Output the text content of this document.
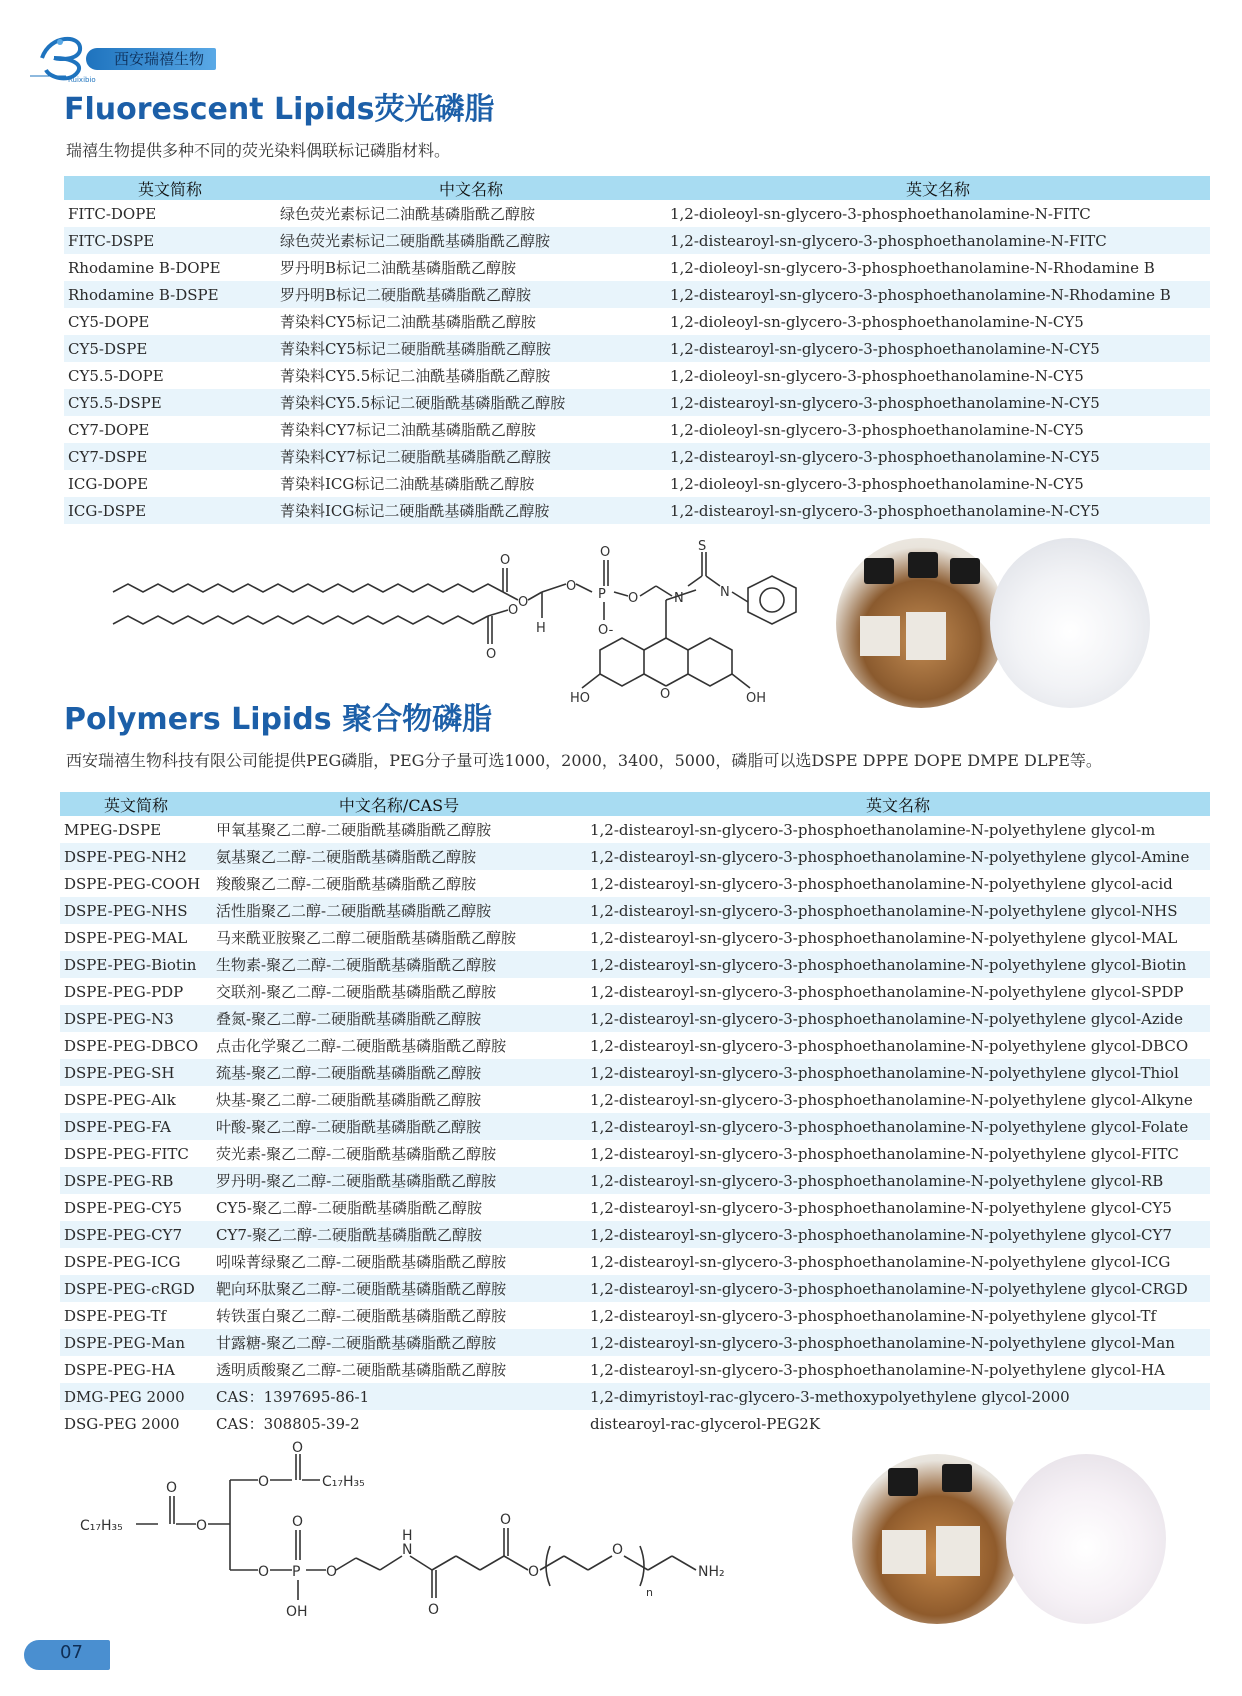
Ruixibio
西安瑞禧生物
Fluorescent Lipids荧光磷脂
瑞禧生物提供多种不同的荧光染料偶联标记磷脂材料。
英文简称	中文名称	英文名称
FITC-DOPE	绿色荧光素标记二油酰基磷脂酰乙醇胺	1,2-dioleoyl-sn-glycero-3-phosphoethanolamine-N-FITC
FITC-DSPE	绿色荧光素标记二硬脂酰基磷脂酰乙醇胺	1,2-distearoyl-sn-glycero-3-phosphoethanolamine-N-FITC
Rhodamine B-DOPE	罗丹明B标记二油酰基磷脂酰乙醇胺	1,2-dioleoyl-sn-glycero-3-phosphoethanolamine-N-Rhodamine B
Rhodamine B-DSPE	罗丹明B标记二硬脂酰基磷脂酰乙醇胺	1,2-distearoyl-sn-glycero-3-phosphoethanolamine-N-Rhodamine B
CY5-DOPE	菁染料CY5标记二油酰基磷脂酰乙醇胺	1,2-dioleoyl-sn-glycero-3-phosphoethanolamine-N-CY5
CY5-DSPE	菁染料CY5标记二硬脂酰基磷脂酰乙醇胺	1,2-distearoyl-sn-glycero-3-phosphoethanolamine-N-CY5
CY5.5-DOPE	菁染料CY5.5标记二油酰基磷脂酰乙醇胺	1,2-dioleoyl-sn-glycero-3-phosphoethanolamine-N-CY5
CY5.5-DSPE	菁染料CY5.5标记二硬脂酰基磷脂酰乙醇胺	1,2-distearoyl-sn-glycero-3-phosphoethanolamine-N-CY5
CY7-DOPE	菁染料CY7标记二油酰基磷脂酰乙醇胺	1,2-dioleoyl-sn-glycero-3-phosphoethanolamine-N-CY5
CY7-DSPE	菁染料CY7标记二硬脂酰基磷脂酰乙醇胺	1,2-distearoyl-sn-glycero-3-phosphoethanolamine-N-CY5
ICG-DOPE	菁染料ICG标记二油酰基磷脂酰乙醇胺	1,2-dioleoyl-sn-glycero-3-phosphoethanolamine-N-CY5
ICG-DSPE	菁染料ICG标记二硬脂酰基磷脂酰乙醇胺	1,2-distearoyl-sn-glycero-3-phosphoethanolamine-N-CY5
O
O
H
O
O
O
O
P
O-
O	N
S
N
HO	OH
O
Polymers Lipids 聚合物磷脂
西安瑞禧生物科技有限公司能提供PEG磷脂，PEG分子量可选1000，2000，3400，5000，磷脂可以选DSPE DPPE DOPE DMPE DLPE等。
英文简称	中文名称/CAS号	英文名称
MPEG-DSPE	甲氧基聚乙二醇-二硬脂酰基磷脂酰乙醇胺	1,2-distearoyl-sn-glycero-3-phosphoethanolamine-N-polyethylene glycol-m
DSPE-PEG-NH2	氨基聚乙二醇-二硬脂酰基磷脂酰乙醇胺	1,2-distearoyl-sn-glycero-3-phosphoethanolamine-N-polyethylene glycol-Amine
DSPE-PEG-COOH	羧酸聚乙二醇-二硬脂酰基磷脂酰乙醇胺	1,2-distearoyl-sn-glycero-3-phosphoethanolamine-N-polyethylene glycol-acid
DSPE-PEG-NHS	活性脂聚乙二醇-二硬脂酰基磷脂酰乙醇胺	1,2-distearoyl-sn-glycero-3-phosphoethanolamine-N-polyethylene glycol-NHS
DSPE-PEG-MAL	马来酰亚胺聚乙二醇二硬脂酰基磷脂酰乙醇胺	1,2-distearoyl-sn-glycero-3-phosphoethanolamine-N-polyethylene glycol-MAL
DSPE-PEG-Biotin	生物素-聚乙二醇-二硬脂酰基磷脂酰乙醇胺	1,2-distearoyl-sn-glycero-3-phosphoethanolamine-N-polyethylene glycol-Biotin
DSPE-PEG-PDP	交联剂-聚乙二醇-二硬脂酰基磷脂酰乙醇胺	1,2-distearoyl-sn-glycero-3-phosphoethanolamine-N-polyethylene glycol-SPDP
DSPE-PEG-N3	叠氮-聚乙二醇-二硬脂酰基磷脂酰乙醇胺	1,2-distearoyl-sn-glycero-3-phosphoethanolamine-N-polyethylene glycol-Azide
DSPE-PEG-DBCO	点击化学聚乙二醇-二硬脂酰基磷脂酰乙醇胺	1,2-distearoyl-sn-glycero-3-phosphoethanolamine-N-polyethylene glycol-DBCO
DSPE-PEG-SH	巯基-聚乙二醇-二硬脂酰基磷脂酰乙醇胺	1,2-distearoyl-sn-glycero-3-phosphoethanolamine-N-polyethylene glycol-Thiol
DSPE-PEG-Alk	炔基-聚乙二醇-二硬脂酰基磷脂酰乙醇胺	1,2-distearoyl-sn-glycero-3-phosphoethanolamine-N-polyethylene glycol-Alkyne
DSPE-PEG-FA	叶酸-聚乙二醇-二硬脂酰基磷脂酰乙醇胺	1,2-distearoyl-sn-glycero-3-phosphoethanolamine-N-polyethylene glycol-Folate
DSPE-PEG-FITC	荧光素-聚乙二醇-二硬脂酰基磷脂酰乙醇胺	1,2-distearoyl-sn-glycero-3-phosphoethanolamine-N-polyethylene glycol-FITC
DSPE-PEG-RB	罗丹明-聚乙二醇-二硬脂酰基磷脂酰乙醇胺	1,2-distearoyl-sn-glycero-3-phosphoethanolamine-N-polyethylene glycol-RB
DSPE-PEG-CY5	CY5-聚乙二醇-二硬脂酰基磷脂酰乙醇胺	1,2-distearoyl-sn-glycero-3-phosphoethanolamine-N-polyethylene glycol-CY5
DSPE-PEG-CY7	CY7-聚乙二醇-二硬脂酰基磷脂酰乙醇胺	1,2-distearoyl-sn-glycero-3-phosphoethanolamine-N-polyethylene glycol-CY7
DSPE-PEG-ICG	吲哚菁绿聚乙二醇-二硬脂酰基磷脂酰乙醇胺	1,2-distearoyl-sn-glycero-3-phosphoethanolamine-N-polyethylene glycol-ICG
DSPE-PEG-cRGD	靶向环肽聚乙二醇-二硬脂酰基磷脂酰乙醇胺	1,2-distearoyl-sn-glycero-3-phosphoethanolamine-N-polyethylene glycol-CRGD
DSPE-PEG-Tf	转铁蛋白聚乙二醇-二硬脂酰基磷脂酰乙醇胺	1,2-distearoyl-sn-glycero-3-phosphoethanolamine-N-polyethylene glycol-Tf
DSPE-PEG-Man	甘露糖-聚乙二醇-二硬脂酰基磷脂酰乙醇胺	1,2-distearoyl-sn-glycero-3-phosphoethanolamine-N-polyethylene glycol-Man
DSPE-PEG-HA	透明质酸聚乙二醇-二硬脂酰基磷脂酰乙醇胺	1,2-distearoyl-sn-glycero-3-phosphoethanolamine-N-polyethylene glycol-HA
DMG-PEG 2000	CAS：1397695-86-1	1,2-dimyristoyl-rac-glycero-3-methoxypolyethylene glycol-2000
DSG-PEG 2000	CAS：308805-39-2	distearoyl-rac-glycerol-PEG2K
C₁₇H₃₅	O
O	O
O
C₁₇H₃₅
O P
O
OH
O
N
H
O
O
O
O
n
NH₂
07
